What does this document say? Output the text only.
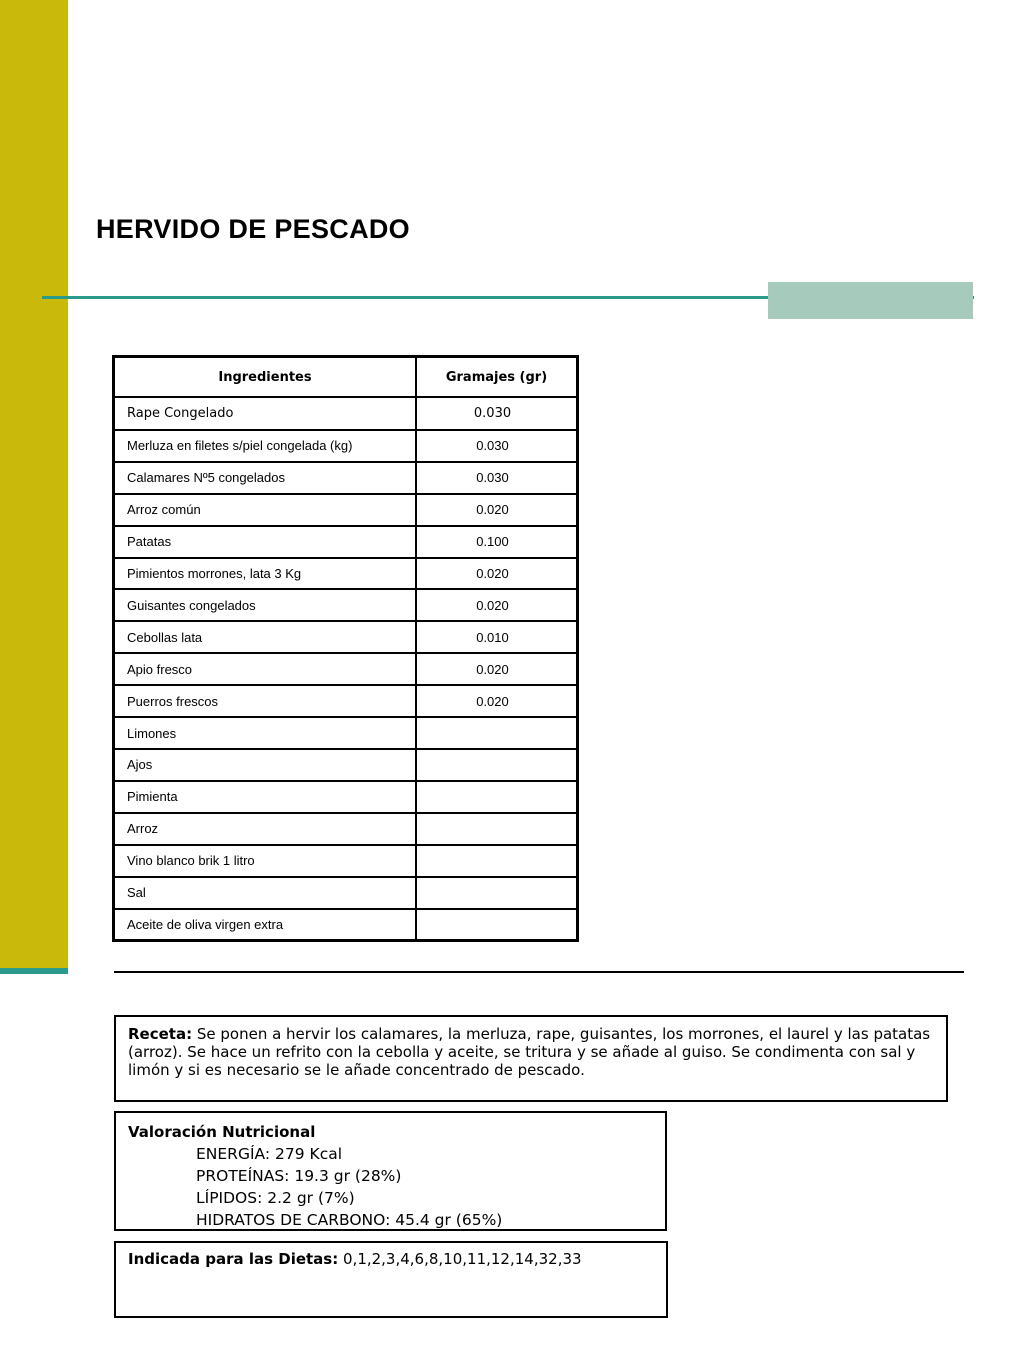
HERVIDO DE PESCADO
Ingredientes	Gramajes (gr)
Rape Congelado	0.030
Merluza en filetes s/piel congelada (kg)	0.030
Calamares Nº5 congelados	0.030
Arroz común	0.020
Patatas	0.100
Pimientos morrones, lata 3 Kg	0.020
Guisantes congelados	0.020
Cebollas lata	0.010
Apio fresco	0.020
Puerros frescos	0.020
Limones	
Ajos	
Pimienta	
Arroz	
Vino blanco brik 1 litro	
Sal	
Aceite de oliva virgen extra	
Receta: Se ponen a hervir los calamares, la merluza, rape, guisantes, los morrones, el laurel y las patatas (arroz). Se hace un refrito con la cebolla y aceite, se tritura y se añade al guiso. Se condimenta con sal y limón y si es necesario se le añade concentrado de pescado.
Valoración Nutricional
ENERGÍA: 279 Kcal
PROTEÍNAS: 19.3 gr (28%)
LÍPIDOS: 2.2 gr (7%)
HIDRATOS DE CARBONO: 45.4 gr (65%)
Indicada para las Dietas: 0,1,2,3,4,6,8,10,11,12,14,32,33
